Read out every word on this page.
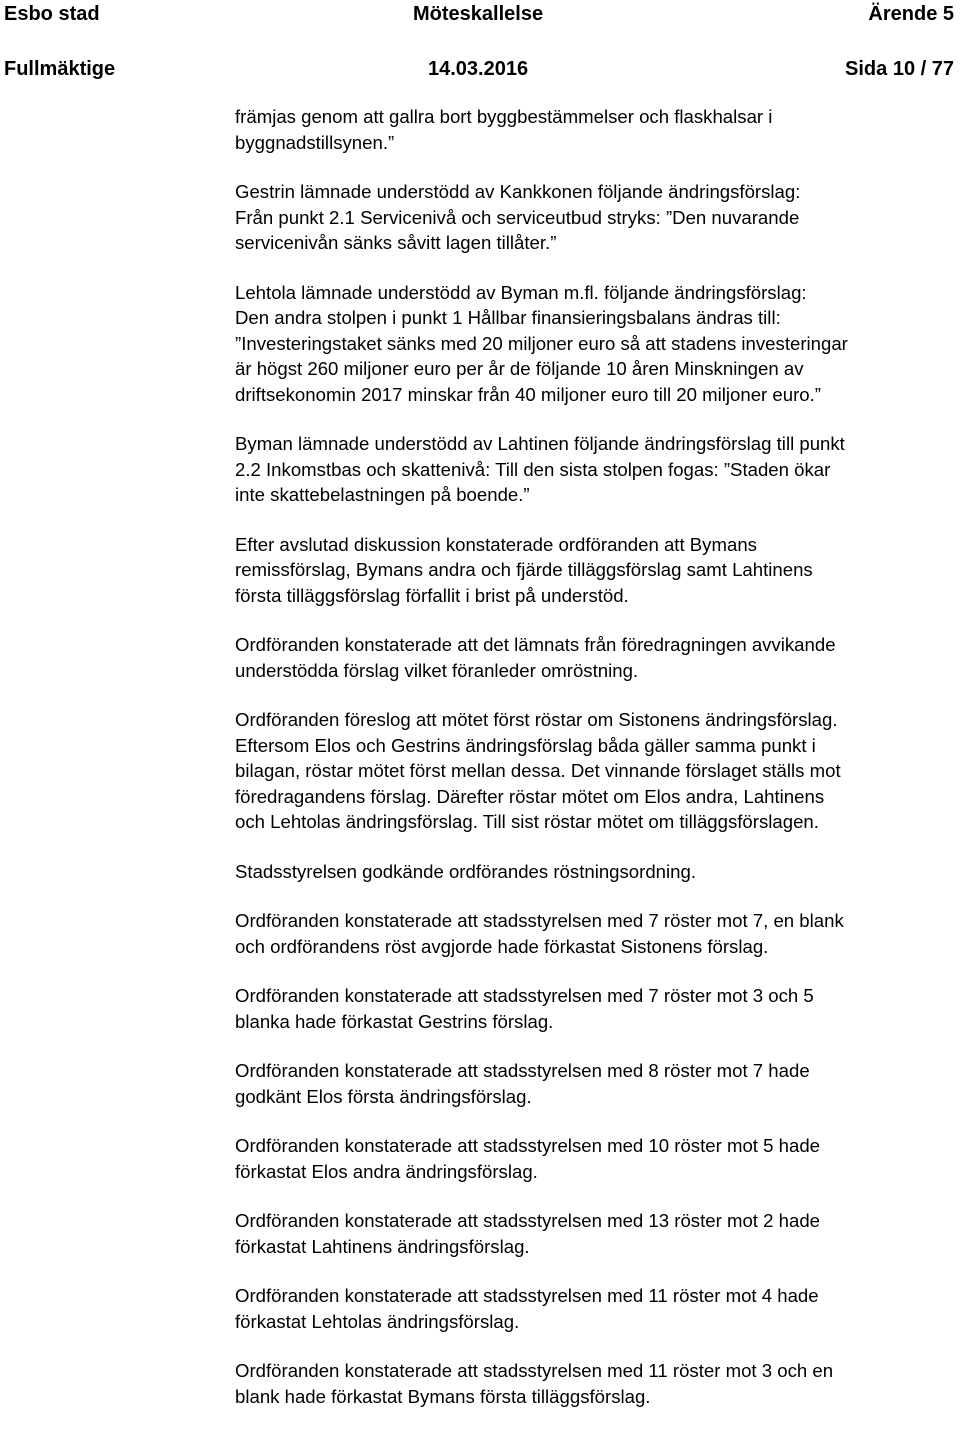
Esbo stad	Möteskallelse	Ärende 5
Fullmäktige	14.03.2016	Sida 10 / 77

främjas genom att gallra bort byggbestämmelser och flaskhalsar i
byggnadstillsynen.”

Gestrin lämnade understödd av Kankkonen följande ändringsförslag:
Från punkt 2.1 Servicenivå och serviceutbud stryks: ”Den nuvarande
servicenivån sänks såvitt lagen tillåter.”

Lehtola lämnade understödd av Byman m.fl. följande ändringsförslag:
Den andra stolpen i punkt 1 Hållbar finansieringsbalans ändras till:
”Investeringstaket sänks med 20 miljoner euro så att stadens investeringar
är högst 260 miljoner euro per år de följande 10 åren Minskningen av
driftsekonomin 2017 minskar från 40 miljoner euro till 20 miljoner euro.”

Byman lämnade understödd av Lahtinen följande ändringsförslag till punkt
2.2 Inkomstbas och skattenivå: Till den sista stolpen fogas: ”Staden ökar
inte skattebelastningen på boende.”

Efter avslutad diskussion konstaterade ordföranden att Bymans
remissförslag, Bymans andra och fjärde tilläggsförslag samt Lahtinens
första tilläggsförslag förfallit i brist på understöd.

Ordföranden konstaterade att det lämnats från föredragningen avvikande
understödda förslag vilket föranleder omröstning.

Ordföranden föreslog att mötet först röstar om Sistonens ändringsförslag.
Eftersom Elos och Gestrins ändringsförslag båda gäller samma punkt i
bilagan, röstar mötet först mellan dessa. Det vinnande förslaget ställs mot
föredragandens förslag. Därefter röstar mötet om Elos andra, Lahtinens
och Lehtolas ändringsförslag. Till sist röstar mötet om tilläggsförslagen.

Stadsstyrelsen godkände ordförandes röstningsordning.

Ordföranden konstaterade att stadsstyrelsen med 7 röster mot 7, en blank
och ordförandens röst avgjorde hade förkastat Sistonens förslag.

Ordföranden konstaterade att stadsstyrelsen med 7 röster mot 3 och 5
blanka hade förkastat Gestrins förslag.

Ordföranden konstaterade att stadsstyrelsen med 8 röster mot 7 hade
godkänt Elos första ändringsförslag.

Ordföranden konstaterade att stadsstyrelsen med 10 röster mot 5 hade
förkastat Elos andra ändringsförslag.

Ordföranden konstaterade att stadsstyrelsen med 13 röster mot 2 hade
förkastat Lahtinens ändringsförslag.

Ordföranden konstaterade att stadsstyrelsen med 11 röster mot 4 hade
förkastat Lehtolas ändringsförslag.

Ordföranden konstaterade att stadsstyrelsen med 11 röster mot 3 och en
blank hade förkastat Bymans första tilläggsförslag.
